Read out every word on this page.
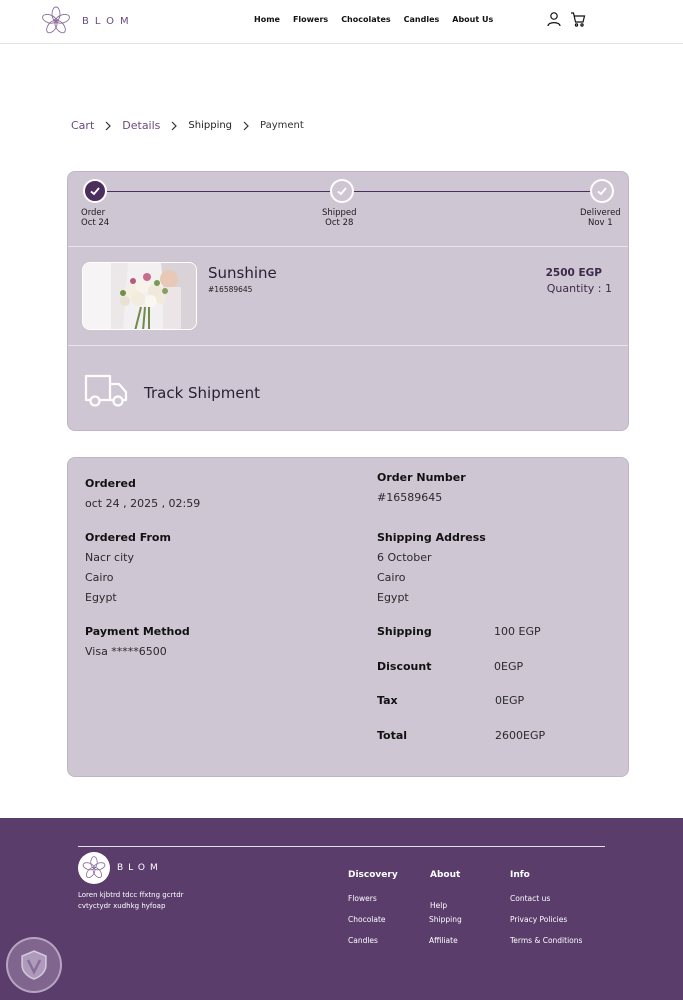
BLOM	Home Flowers Chocolates Candles About Us
Cart	Details	Shipping	Payment
Order
Oct 24
Shipped
Oct 28
Delivered
Nov 1
Sunshine
#16589645
2500 EGP
Quantity : 1
Track Shipment
Ordered
oct 24 , 2025 , 02:59
Order Number
#16589645
Ordered From
Nacr city
Cairo
Egypt
Shipping Address
6 October
Cairo
Egypt
Payment Method
Visa *****6500
Shipping	100 EGP
Discount	0EGP
Tax	0EGP
Total	2600EGP
BLOM
Loren kjbtrd tdcc ffxtng gcrtdr cvtyctydr xudhkg hyfoap
Discovery
Flowers
Chocolate
Candles
About
Help
Shipping
Affiliate
Info
Contact us
Privacy Policies
Terms & Conditions
